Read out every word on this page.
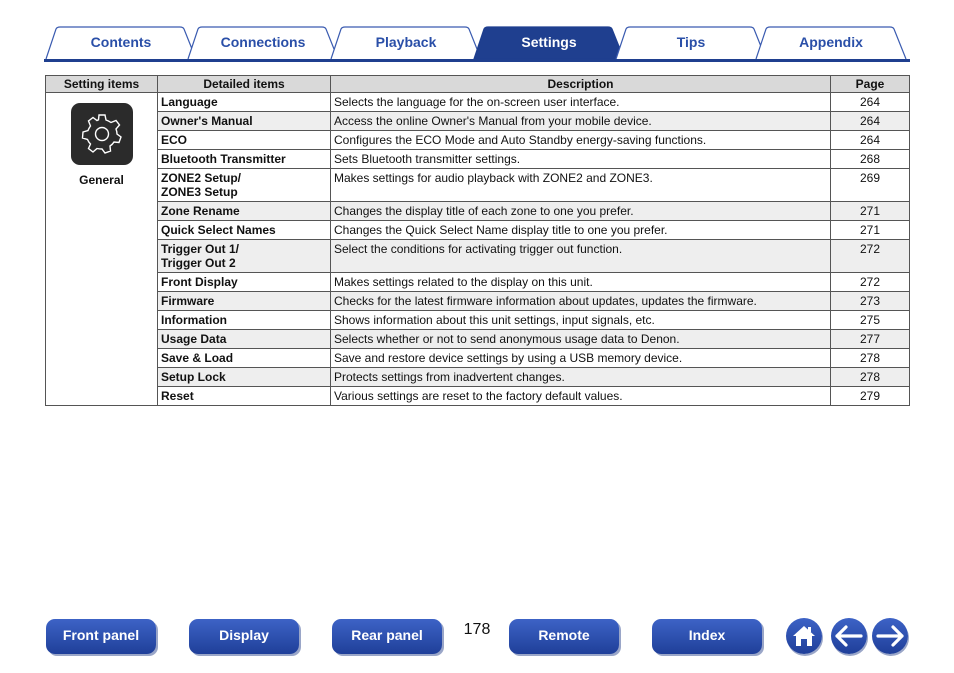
Contents	Connections	Playback	Settings	Tips	Appendix
Setting items	Detailed items	Description	Page

General	Language	Selects the language for the on-screen user interface.	264
	Owner's Manual	Access the online Owner's Manual from your mobile device.	264
	ECO	Configures the ECO Mode and Auto Standby energy-saving functions.	264
	Bluetooth Transmitter	Sets Bluetooth transmitter settings.	268
	ZONE2 Setup/
ZONE3 Setup	Makes settings for audio playback with ZONE2 and ZONE3.	269
	Zone Rename	Changes the display title of each zone to one you prefer.	271
	Quick Select Names	Changes the Quick Select Name display title to one you prefer.	271
	Trigger Out 1/
Trigger Out 2	Select the conditions for activating trigger out function.	272
	Front Display	Makes settings related to the display on this unit.	272
	Firmware	Checks for the latest firmware information about updates, updates the firmware.	273
	Information	Shows information about this unit settings, input signals, etc.	275
	Usage Data	Selects whether or not to send anonymous usage data to Denon.	277
	Save & Load	Save and restore device settings by using a USB memory device.	278
	Setup Lock	Protects settings from inadvertent changes.	278
	Reset	Various settings are reset to the factory default values.	279
Front panel	Display	Rear panel	178	Remote	Index
